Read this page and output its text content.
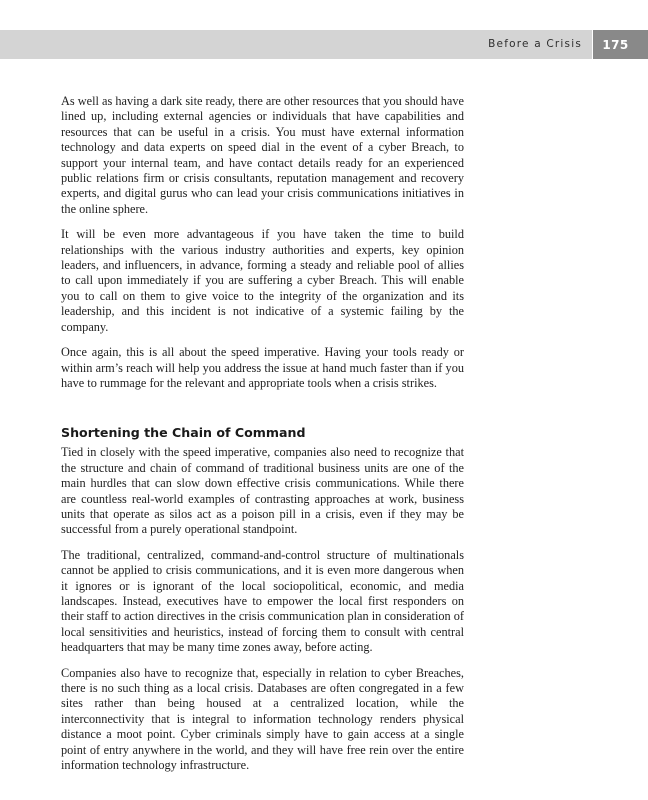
Before a Crisis 175

As well as having a dark site ready, there are other resources that you should have lined up, including external agencies or individuals that have capabilities and resources that can be useful in a crisis. You must have external information technology and data experts on speed dial in the event of a cyber Breach, to support your internal team, and have contact details ready for an experienced public relations firm or crisis consultants, reputation management and recovery experts, and digital gurus who can lead your crisis communications initiatives in the online sphere.

It will be even more advantageous if you have taken the time to build relationships with the various industry authorities and experts, key opinion leaders, and influencers, in advance, forming a steady and reliable pool of allies to call upon immediately if you are suffering a cyber Breach. This will enable you to call on them to give voice to the integrity of the organization and its leadership, and this incident is not indicative of a systemic failing by the company.

Once again, this is all about the speed imperative. Having your tools ready or within arm’s reach will help you address the issue at hand much faster than if you have to rummage for the relevant and appropriate tools when a crisis strikes.

Shortening the Chain of Command

Tied in closely with the speed imperative, companies also need to recognize that the structure and chain of command of traditional business units are one of the main hurdles that can slow down effective crisis communications. While there are countless real-world examples of contrasting approaches at work, business units that operate as silos act as a poison pill in a crisis, even if they may be successful from a purely operational standpoint.

The traditional, centralized, command-and-control structure of multinationals cannot be applied to crisis communications, and it is even more dangerous when it ignores or is ignorant of the local sociopolitical, economic, and media landscapes. Instead, executives have to empower the local first responders on their staff to action directives in the crisis communication plan in consideration of local sensitivities and heuristics, instead of forcing them to consult with central headquarters that may be many time zones away, before acting.

Companies also have to recognize that, especially in relation to cyber Breaches, there is no such thing as a local crisis. Databases are often congregated in a few sites rather than being housed at a centralized location, while the interconnectivity that is integral to information technology renders physical distance a moot point. Cyber criminals simply have to gain access at a single point of entry anywhere in the world, and they will have free rein over the entire information technology infrastructure.
